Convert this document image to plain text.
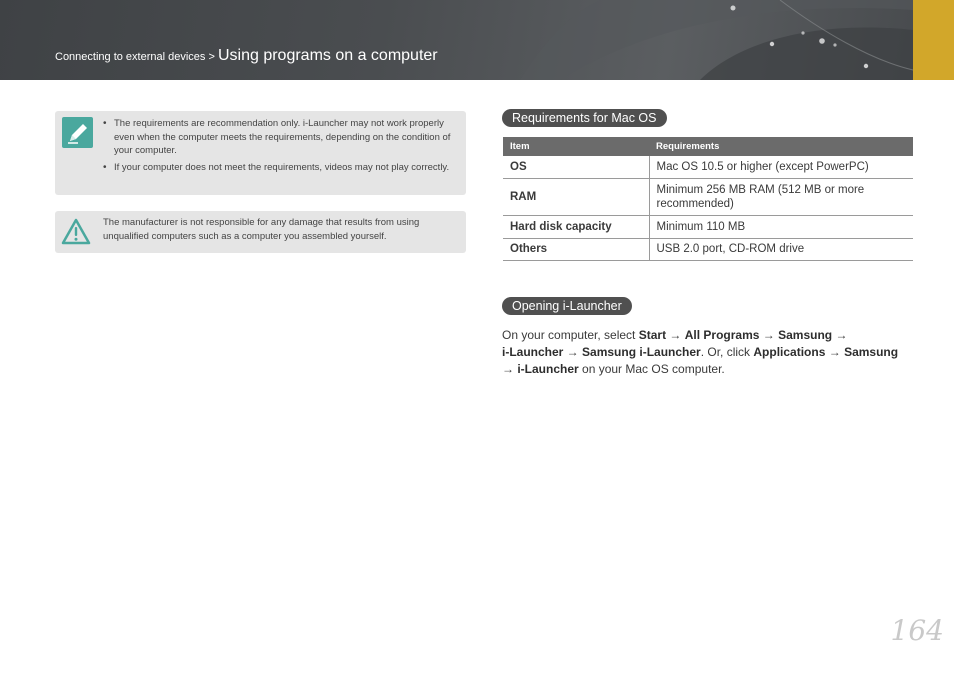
Connecting to external devices > Using programs on a computer
• The requirements are recommendation only. i-Launcher may not work properly even when the computer meets the requirements, depending on the condition of your computer.
• If your computer does not meet the requirements, videos may not play correctly.
The manufacturer is not responsible for any damage that results from using unqualified computers such as a computer you assembled yourself.
Requirements for Mac OS
Item	Requirements
OS	Mac OS 10.5 or higher (except PowerPC)
RAM	Minimum 256 MB RAM (512 MB or more recommended)
Hard disk capacity	Minimum 110 MB
Others	USB 2.0 port, CD-ROM drive
Opening i-Launcher

On your computer, select Start → All Programs → Samsung →
i-Launcher → Samsung i-Launcher. Or, click Applications → Samsung
→ i-Launcher on your Mac OS computer.

164
